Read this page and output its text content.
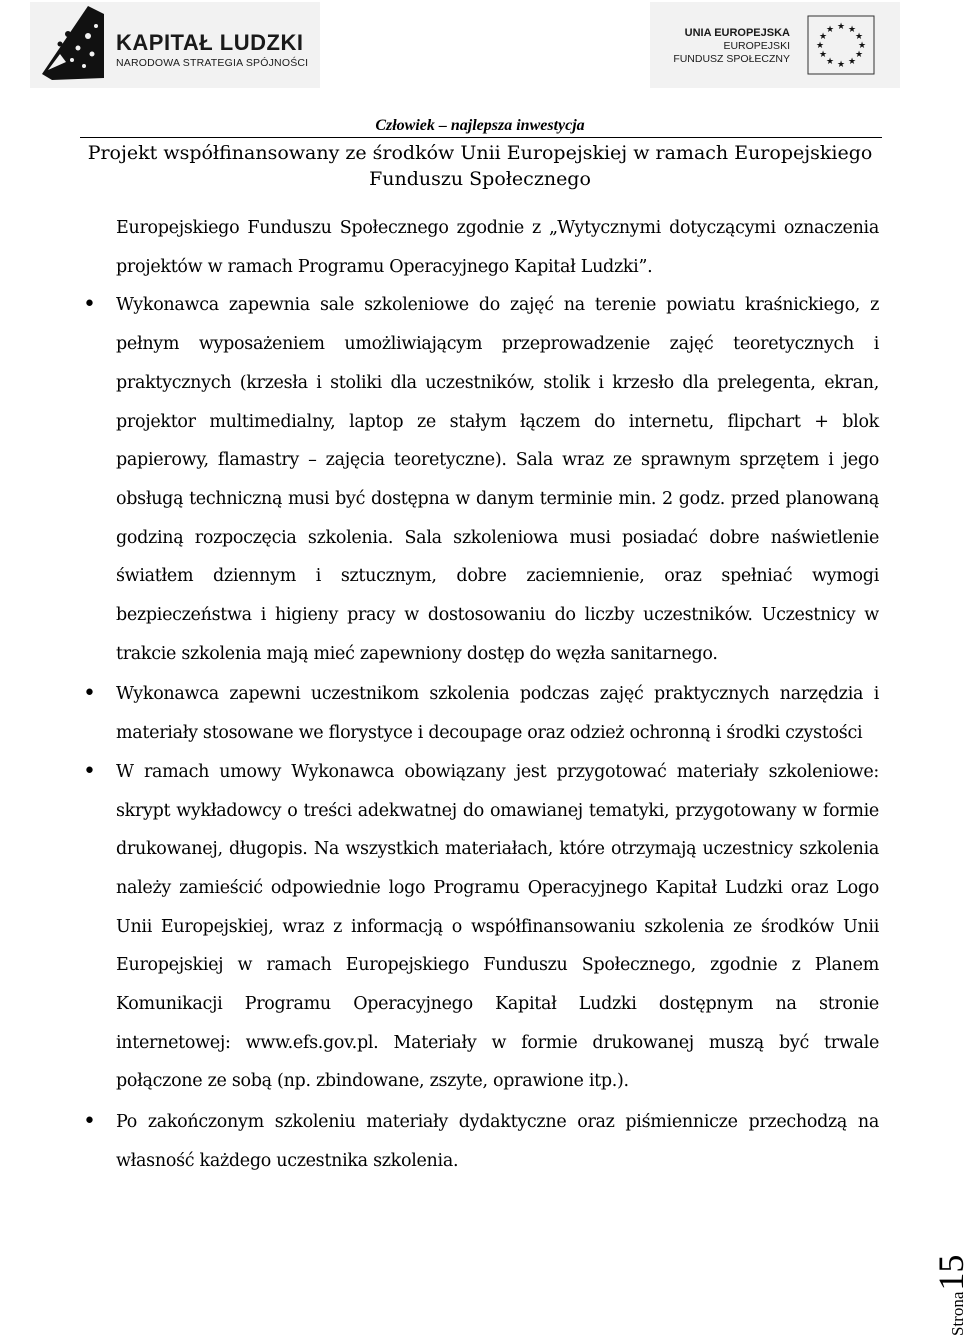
KAPITAŁ LUDZKI
NARODOWA STRATEGIA SPÓJNOŚCI
UNIA EUROPEJSKA
EUROPEJSKI
FUNDUSZ SPOŁECZNY
★ ★
★
★
★
★
★
★
★
★
★
★
Człowiek – najlepsza inwestycja
Projekt współfinansowany ze środków Unii Europejskiej w ramach Europejskiego
Funduszu Społecznego

Europejskiego Funduszu Społecznego zgodnie z „Wytycznymi dotyczącymi oznaczenia projektów w ramach Programu Operacyjnego Kapitał Ludzki”.

• Wykonawca zapewnia sale szkoleniowe do zajęć na terenie powiatu kraśnickiego, z pełnym wyposażeniem umożliwiającym przeprowadzenie zajęć teoretycznych i praktycznych (krzesła i stoliki dla uczestników, stolik i krzesło dla prelegenta, ekran, projektor multimedialny, laptop ze stałym łączem do internetu, flipchart + blok papierowy, flamastry – zajęcia teoretyczne). Sala wraz ze sprawnym sprzętem i jego obsługą techniczną musi być dostępna w danym terminie min. 2 godz. przed planowaną godziną rozpoczęcia szkolenia. Sala szkoleniowa musi posiadać dobre naświetlenie światłem dziennym i sztucznym, dobre zaciemnienie, oraz spełniać wymogi bezpieczeństwa i higieny pracy w dostosowaniu do liczby uczestników. Uczestnicy w trakcie szkolenia mają mieć zapewniony dostęp do węzła sanitarnego.

• Wykonawca zapewni uczestnikom szkolenia podczas zajęć praktycznych narzędzia i materiały stosowane we florystyce i decoupage oraz odzież ochronną i środki czystości

• W ramach umowy Wykonawca obowiązany jest przygotować materiały szkoleniowe: skrypt wykładowcy o treści adekwatnej do omawianej tematyki, przygotowany w formie drukowanej, długopis. Na wszystkich materiałach, które otrzymają uczestnicy szkolenia należy zamieścić odpowiednie logo Programu Operacyjnego Kapitał Ludzki oraz Logo Unii Europejskiej, wraz z informacją o współfinansowaniu szkolenia ze środków Unii Europejskiej w ramach Europejskiego Funduszu Społecznego, zgodnie z Planem Komunikacji Programu Operacyjnego Kapitał Ludzki dostępnym na stronie internetowej: www.efs.gov.pl. Materiały w formie drukowanej muszą być trwale połączone ze sobą (np. zbindowane, zszyte, oprawione itp.).

• Po zakończonym szkoleniu materiały dydaktyczne oraz piśmiennicze przechodzą na własność każdego uczestnika szkolenia.

Strona15
